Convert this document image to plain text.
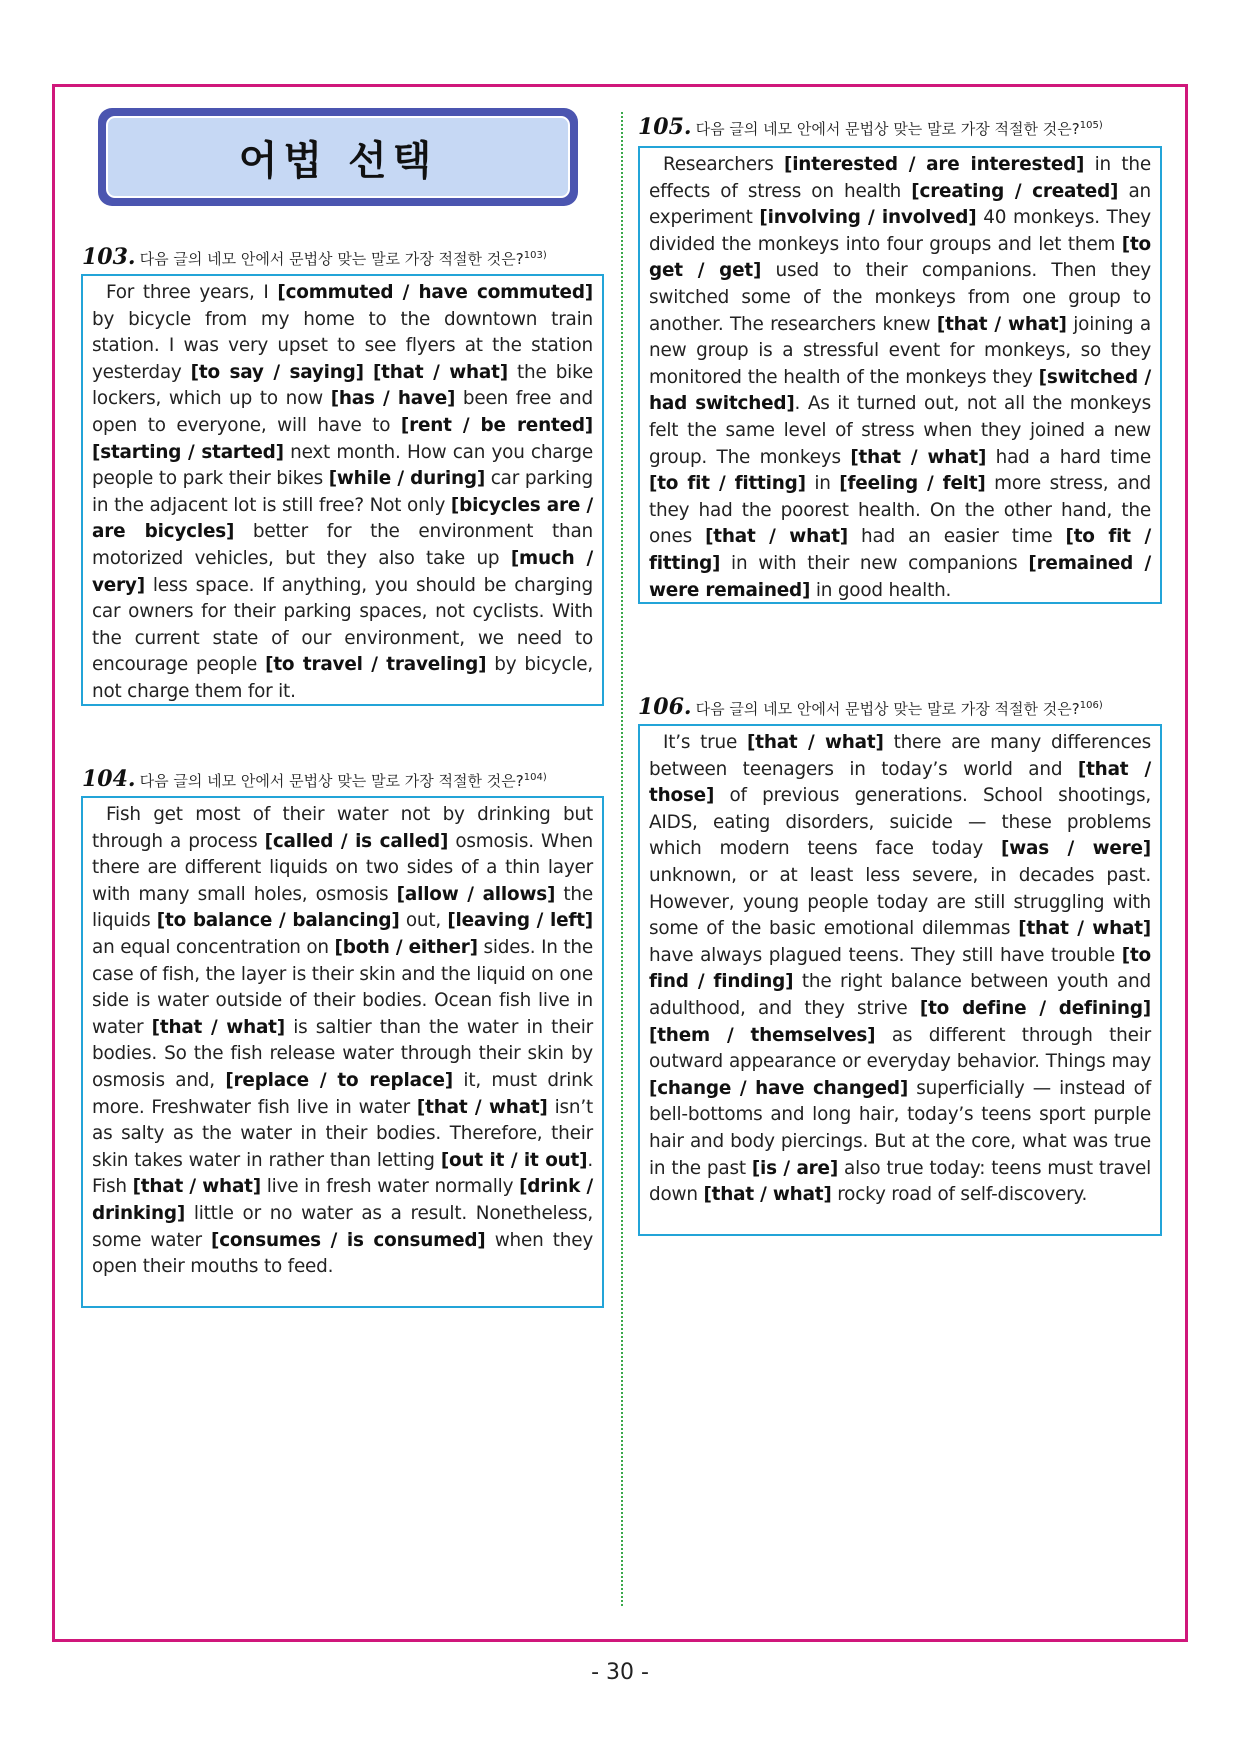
어법 선택
103. 다음 글의 네모 안에서 문법상 맞는 말로 가장 적절한 것은?$^{103)}$

For three years, I [commuted / have commuted] by bicycle from my home to the downtown train station. I was very upset to see flyers at the station yesterday [to say / saying] [that / what] the bike lockers, which up to now [has / have] been free and open to everyone, will have to [rent / be rented] [starting / started] next month. How can you charge people to park their bikes [while / during] car parking in the adjacent lot is still free? Not only [bicycles are / are bicycles] better for the environment than motorized vehicles, but they also take up [much / very] less space. If anything, you should be charging car owners for their parking spaces, not cyclists. With the current state of our environment, we need to encourage people [to travel / traveling] by bicycle, not charge them for it.

104. 다음 글의 네모 안에서 문법상 맞는 말로 가장 적절한 것은?$^{104)}$

Fish get most of their water not by drinking but through a process [called / is called] osmosis. When there are different liquids on two sides of a thin layer with many small holes, osmosis [allow / allows] the liquids [to balance / balancing] out, [leaving / left] an equal concentration on [both / either] sides. In the case of fish, the layer is their skin and the liquid on one side is water outside of their bodies. Ocean fish live in water [that / what] is saltier than the water in their bodies. So the fish release water through their skin by osmosis and, [replace / to replace] it, must drink more. Freshwater fish live in water [that / what] isn’t as salty as the water in their bodies. Therefore, their skin takes water in rather than letting [out it / it out]. Fish [that / what] live in fresh water normally [drink / drinking] little or no water as a result. Nonetheless, some water [consumes / is consumed] when they open their mouths to feed.

105. 다음 글의 네모 안에서 문법상 맞는 말로 가장 적절한 것은?$^{105)}$

Researchers [interested / are interested] in the effects of stress on health [creating / created] an experiment [involving / involved] 40 monkeys. They divided the monkeys into four groups and let them [to get / get] used to their companions. Then they switched some of the monkeys from one group to another. The researchers knew [that / what] joining a new group is a stressful event for monkeys, so they monitored the health of the monkeys they [switched / had switched]. As it turned out, not all the monkeys felt the same level of stress when they joined a new group. The monkeys [that / what] had a hard time [to fit / fitting] in [feeling / felt] more stress, and they had the poorest health. On the other hand, the ones [that / what] had an easier time [to fit / fitting] in with their new companions [remained / were remained] in good health.

106. 다음 글의 네모 안에서 문법상 맞는 말로 가장 적절한 것은?$^{106)}$

It’s true [that / what] there are many differences between teenagers in today’s world and [that / those] of previous generations. School shootings, AIDS, eating disorders, suicide — these problems which modern teens face today [was / were] unknown, or at least less severe, in decades past. However, young people today are still struggling with some of the basic emotional dilemmas [that / what] have always plagued teens. They still have trouble [to find / finding] the right balance between youth and adulthood, and they strive [to define / defining] [them / themselves] as different through their outward appearance or everyday behavior. Things may [change / have changed] superficially — instead of bell-bottoms and long hair, today’s teens sport purple hair and body piercings. But at the core, what was true in the past [is / are] also true today: teens must travel down [that / what] rocky road of self-discovery.

- 30 -
